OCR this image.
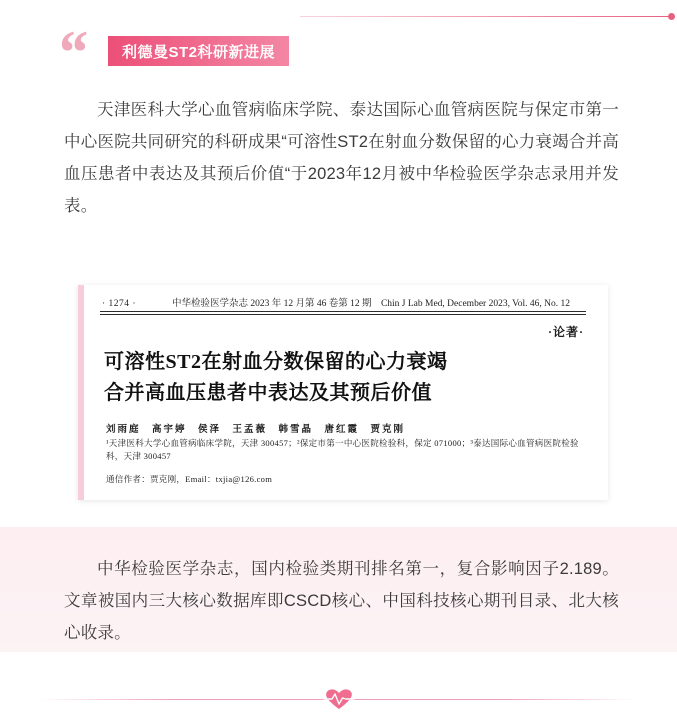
“	利德曼ST2科研新进展
天津医科大学心血管病临床学院、泰达国际心血管病医院与保定市第一中心医院共同研究的科研成果“可溶性ST2在射血分数保留的心力衰竭合并高血压患者中表达及其预后价值“于2023年12月被中华检验医学杂志录用并发表。
· 1274 ·	中华检验医学杂志 2023 年 12 月第 46 卷第 12 期　Chin J Lab Med, December 2023, Vol. 46, No. 12
·论著·
可溶性ST2在射血分数保留的心力衰竭
合并高血压患者中表达及其预后价值
刘雨庭　高宇婷　侯泽　王孟薇　韩雪晶　唐红霞　贾克刚
¹天津医科大学心血管病临床学院，天津 300457；²保定市第一中心医院检验科，保定 071000；³泰达国际心血管病医院检验科，天津 300457
通信作者：贾克刚，Email：txjia@126.com
中华检验医学杂志，国内检验类期刊排名第一，复合影响因子2.189。文章被国内三大核心数据库即CSCD核心、中国科技核心期刊目录、北大核心收录。
